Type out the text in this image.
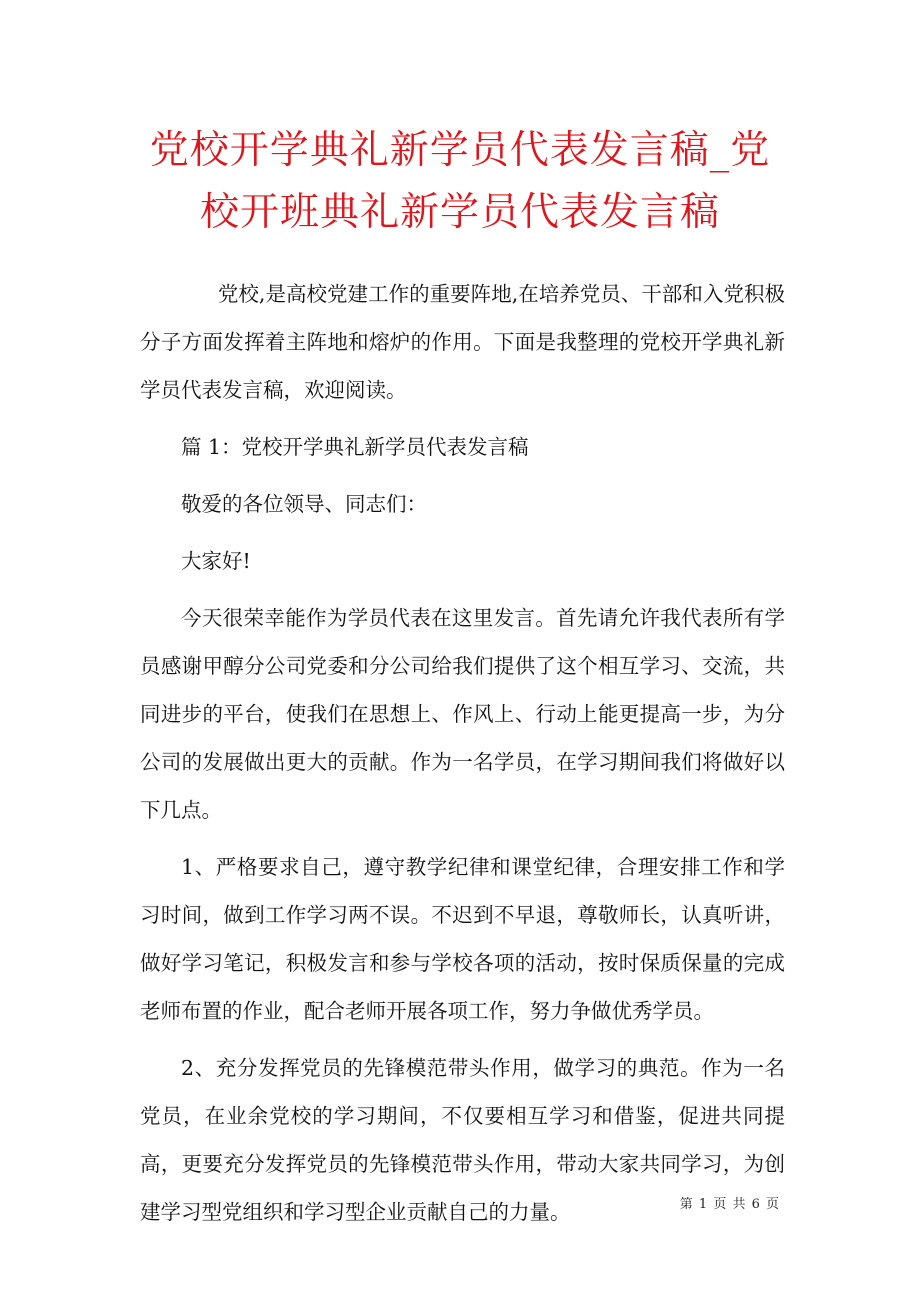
党校开学典礼新学员代表发言稿_党
校开班典礼新学员代表发言稿

党校,是高校党建工作的重要阵地,在培养党员、干部和入党积极分子方面发挥着主阵地和熔炉的作用。下面是我整理的党校开学典礼新学员代表发言稿，欢迎阅读。

篇 1：党校开学典礼新学员代表发言稿

敬爱的各位领导、同志们：

大家好!

今天很荣幸能作为学员代表在这里发言。首先请允许我代表所有学员感谢甲醇分公司党委和分公司给我们提供了这个相互学习、交流，共同进步的平台，使我们在思想上、作风上、行动上能更提高一步，为分公司的发展做出更大的贡献。作为一名学员，在学习期间我们将做好以下几点。

1、严格要求自己，遵守教学纪律和课堂纪律，合理安排工作和学习时间，做到工作学习两不误。不迟到不早退，尊敬师长，认真听讲，做好学习笔记，积极发言和参与学校各项的活动，按时保质保量的完成老师布置的作业，配合老师开展各项工作，努力争做优秀学员。

2、充分发挥党员的先锋模范带头作用，做学习的典范。作为一名党员，在业余党校的学习期间，不仅要相互学习和借鉴，促进共同提高，更要充分发挥党员的先锋模范带头作用，带动大家共同学习，为创建学习型党组织和学习型企业贡献自己的力量。	第 1 页 共 6 页
